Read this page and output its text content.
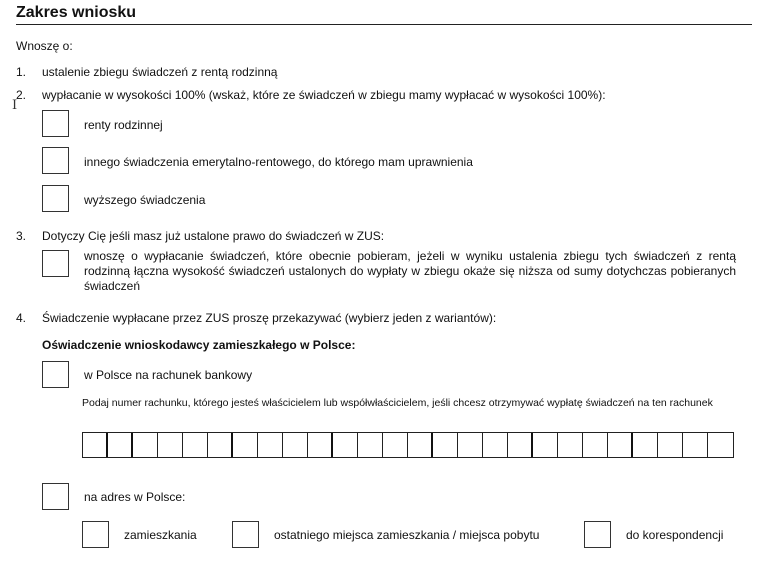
Zakres wniosku
Wnoszę o:
1. ustalenie zbiegu świadczeń z rentą rodzinną
2. wypłacanie w wysokości 100% (wskaż, które ze świadczeń w zbiegu mamy wypłacać w wysokości 100%):
I
renty rodzinnej
innego świadczenia emerytalno-rentowego, do którego mam uprawnienia
wyższego świadczenia
3. Dotyczy Cię jeśli masz już ustalone prawo do świadczeń w ZUS:
wnoszę o wypłacanie świadczeń, które obecnie pobieram, jeżeli w wyniku ustalenia zbiegu tych świadczeń z rentą rodzinną łączna wysokość świadczeń ustalonych do wypłaty w zbiegu okaże się niższa od sumy dotychczas pobieranych świadczeń
4. Świadczenie wypłacane przez ZUS proszę przekazywać (wybierz jeden z wariantów):
Oświadczenie wnioskodawcy zamieszkałego w Polsce:
w Polsce na rachunek bankowy
Podaj numer rachunku, którego jesteś właścicielem lub współwłaścicielem, jeśli chcesz otrzymywać wypłatę świadczeń na ten rachunek
na adres w Polsce:
zamieszkania	ostatniego miejsca zamieszkania / miejsca pobytu	do korespondencji
